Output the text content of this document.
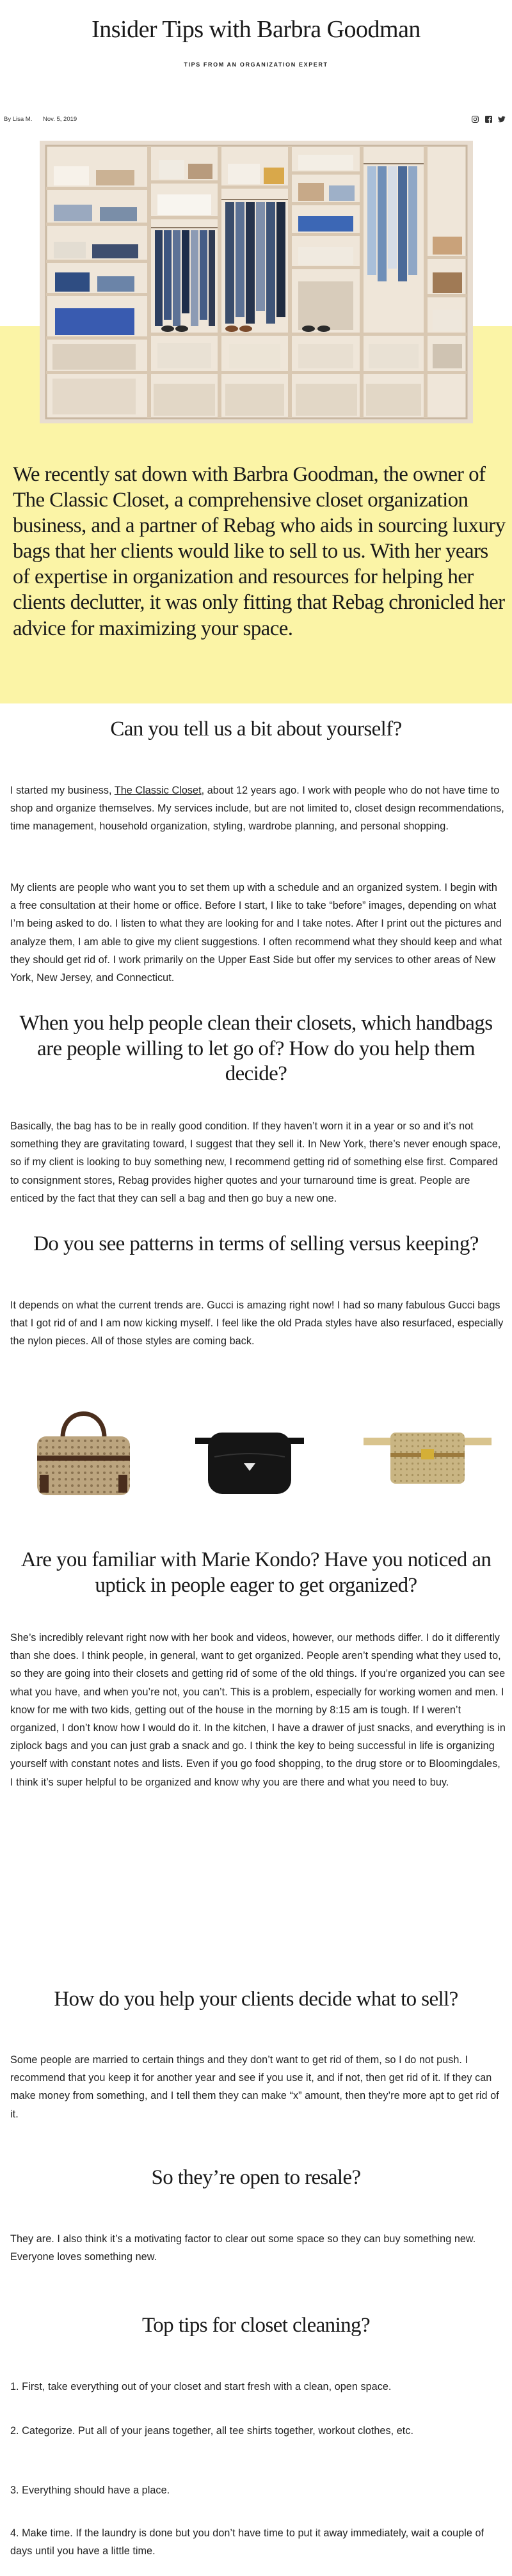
Insider Tips with Barbra Goodman
TIPS FROM AN ORGANIZATION EXPERT
By Lisa M. Nov. 5, 2019

We recently sat down with Barbra Goodman, the owner of The Classic Closet, a comprehensive closet organization business, and a partner of Rebag who aids in sourcing luxury bags that her clients would like to sell to us. With her years of expertise in organization and resources for helping her clients declutter, it was only fitting that Rebag chronicled her advice for maximizing your space.

Can you tell us a bit about yourself?

I started my business, The Classic Closet, about 12 years ago. I work with people who do not have time to shop and organize themselves. My services include, but are not limited to, closet design recommendations, time management, household organization, styling, wardrobe planning, and personal shopping.

My clients are people who want you to set them up with a schedule and an organized system. I begin with a free consultation at their home or office. Before I start, I like to take “before” images, depending on what I’m being asked to do. I listen to what they are looking for and I take notes. After I print out the pictures and analyze them, I am able to give my client suggestions. I often recommend what they should keep and what they should get rid of. I work primarily on the Upper East Side but offer my services to other areas of New York, New Jersey, and Connecticut.

When you help people clean their closets, which handbags are people willing to let go of? How do you help them decide?

Basically, the bag has to be in really good condition. If they haven’t worn it in a year or so and it’s not something they are gravitating toward, I suggest that they sell it. In New York, there’s never enough space, so if my client is looking to buy something new, I recommend getting rid of something else first. Compared to consignment stores, Rebag provides higher quotes and your turnaround time is great. People are enticed by the fact that they can sell a bag and then go buy a new one.

Do you see patterns in terms of selling versus keeping?

It depends on what the current trends are. Gucci is amazing right now! I had so many fabulous Gucci bags that I got rid of and I am now kicking myself. I feel like the old Prada styles have also resurfaced, especially the nylon pieces. All of those styles are coming back.

Are you familiar with Marie Kondo? Have you noticed an uptick in people eager to get organized?

She’s incredibly relevant right now with her book and videos, however, our methods differ. I do it differently than she does. I think people, in general, want to get organized. People aren’t spending what they used to, so they are going into their closets and getting rid of some of the old things. If you’re organized you can see what you have, and when you’re not, you can’t. This is a problem, especially for working women and men. I know for me with two kids, getting out of the house in the morning by 8:15 am is tough. If I weren’t organized, I don’t know how I would do it. In the kitchen, I have a drawer of just snacks, and everything is in ziplock bags and you can just grab a snack and go. I think the key to being successful in life is organizing yourself with constant notes and lists. Even if you go food shopping, to the drug store or to Bloomingdales, I think it’s super helpful to be organized and know why you are there and what you need to buy.

How do you help your clients decide what to sell?

Some people are married to certain things and they don’t want to get rid of them, so I do not push. I recommend that you keep it for another year and see if you use it, and if not, then get rid of it. If they can make money from something, and I tell them they can make “x” amount, then they’re more apt to get rid of it.

So they’re open to resale?

They are. I also think it’s a motivating factor to clear out some space so they can buy something new. Everyone loves something new.

Top tips for closet cleaning?

1. First, take everything out of your closet and start fresh with a clean, open space.

2. Categorize. Put all of your jeans together, all tee shirts together, workout clothes, etc.

3. Everything should have a place.

4. Make time. If the laundry is done but you don’t have time to put it away immediately, wait a couple of days until you have a little time.
